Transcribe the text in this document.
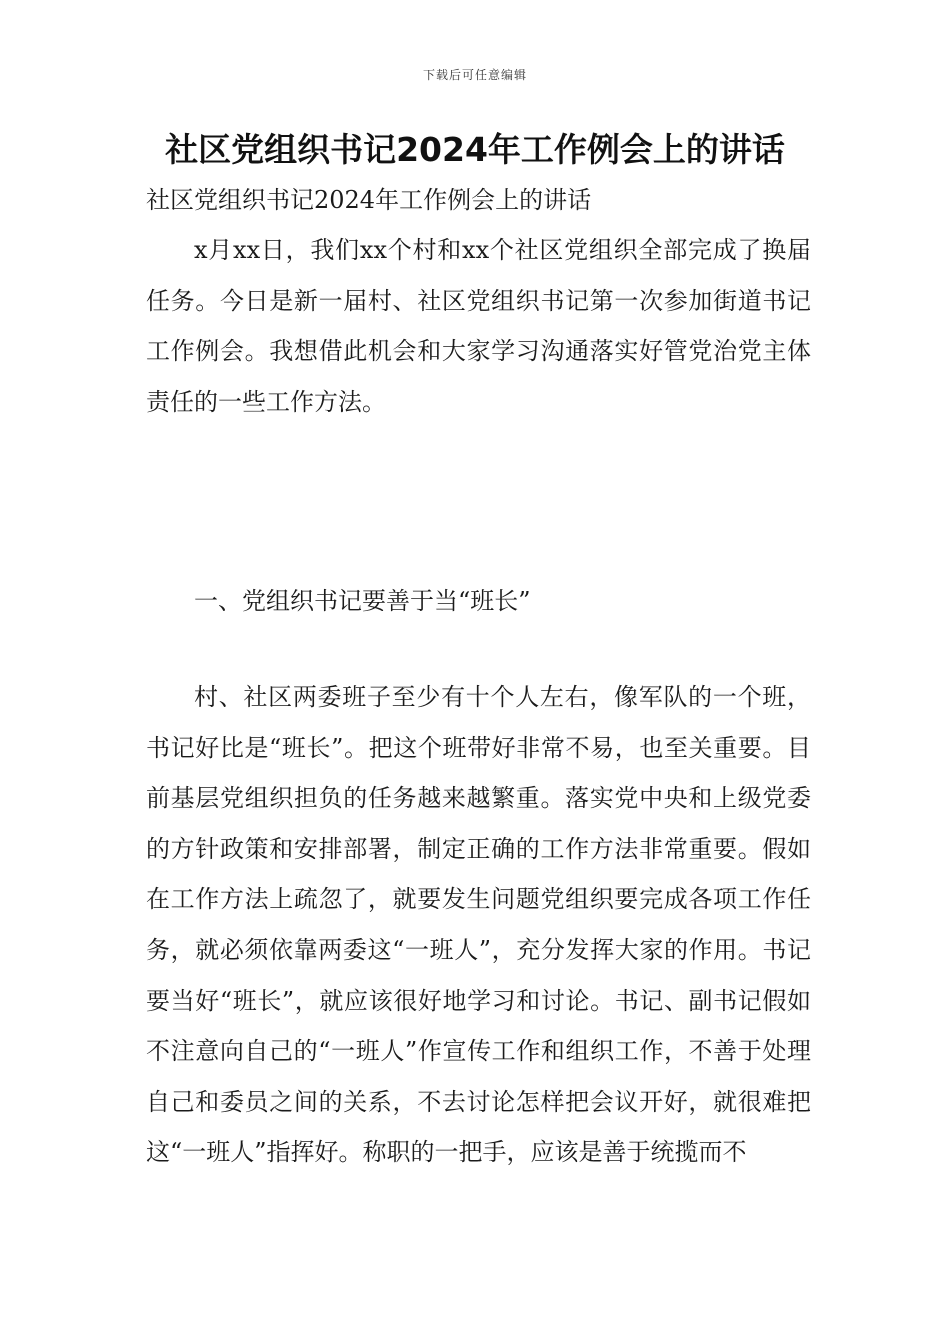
下载后可任意编辑
社区党组织书记2024年工作例会上的讲话

社区党组织书记2024年工作例会上的讲话

x月xx日，我们xx个村和xx个社区党组织全部完成了换届任务。今日是新一届村、社区党组织书记第一次参加街道书记工作例会。我想借此机会和大家学习沟通落实好管党治党主体责任的一些工作方法。

一、党组织书记要善于当“班长”

村、社区两委班子至少有十个人左右，像军队的一个班，书记好比是“班长”。把这个班带好非常不易，也至关重要。目前基层党组织担负的任务越来越繁重。落实党中央和上级党委的方针政策和安排部署，制定正确的工作方法非常重要。假如在工作方法上疏忽了，就要发生问题党组织要完成各项工作任务，就必须依靠两委这“一班人”，充分发挥大家的作用。书记要当好“班长”，就应该很好地学习和讨论。书记、副书记假如不注意向自己的“一班人”作宣传工作和组织工作，不善于处理自己和委员之间的关系，不去讨论怎样把会议开好，就很难把这“一班人”指挥好。称职的一把手，应该是善于统揽而不
